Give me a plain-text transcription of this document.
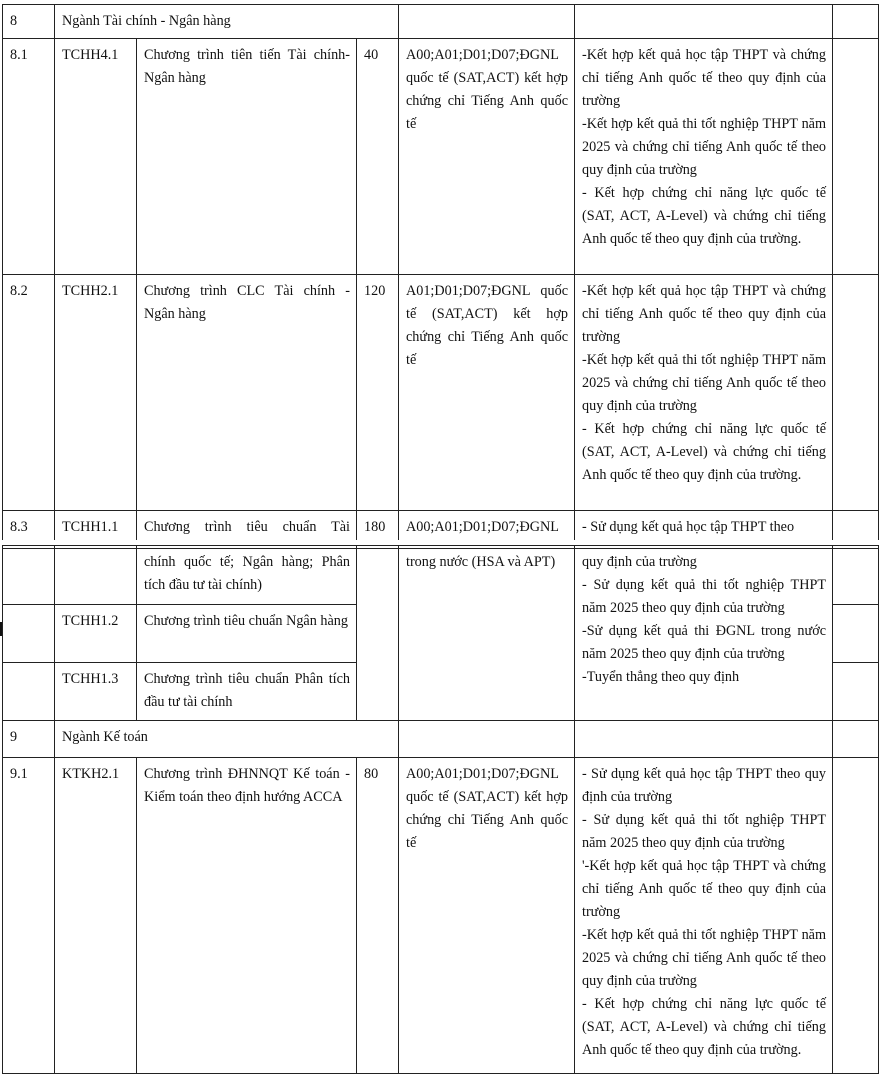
8	Ngành Tài chính - Ngân hàng					
8.1	TCHH4.1	Chương trình tiên tiến Tài chính-Ngân hàng	40	A00;A01;D01;D07;ĐGNL quốc tế (SAT,ACT) kết hợp chứng chỉ Tiếng Anh quốc tế	-Kết hợp kết quả học tập THPT và chứng chỉ tiếng Anh quốc tế theo quy định của trường

-Kết hợp kết quả thi tốt nghiệp THPT năm 2025 và chứng chỉ tiếng Anh quốc tế theo quy định của trường

- Kết hợp chứng chỉ năng lực quốc tế (SAT, ACT, A-Level) và chứng chỉ tiếng Anh quốc tế theo quy định của trường.	

8.2	TCHH2.1	Chương trình CLC Tài chính - Ngân hàng	120	A01;D01;D07;ĐGNL quốc tế (SAT,ACT) kết hợp chứng chỉ Tiếng Anh quốc tế	-Kết hợp kết quả học tập THPT và chứng chỉ tiếng Anh quốc tế theo quy định của trường

-Kết hợp kết quả thi tốt nghiệp THPT năm 2025 và chứng chỉ tiếng Anh quốc tế theo quy định của trường

- Kết hợp chứng chỉ năng lực quốc tế (SAT, ACT, A-Level) và chứng chỉ tiếng Anh quốc tế theo quy định của trường.	

8.3	TCHH1.1	Chương trình tiêu chuẩn Tài	180	A00;A01;D01;D07;ĐGNL	- Sử dụng kết quả học tập THPT theo	
		chính quốc tế; Ngân hàng; Phân tích đầu tư tài chính)		trong nước (HSA và APT)	quy định của trường

- Sử dụng kết quả thi tốt nghiệp THPT năm 2025 theo quy định của trường

-Sử dụng kết quả thi ĐGNL trong nước năm 2025 theo quy định của trường

-Tuyển thẳng theo quy định	

	TCHH1.2	Chương trình tiêu chuẩn Ngân hàng				
	TCHH1.3	Chương trình tiêu chuẩn Phân tích đầu tư tài chính				
9	Ngành Kế toán					
9.1	KTKH2.1	Chương trình ĐHNNQT Kế toán - Kiểm toán theo định hướng ACCA	80	A00;A01;D01;D07;ĐGNL quốc tế (SAT,ACT) kết hợp chứng chỉ Tiếng Anh quốc tế	- Sử dụng kết quả học tập THPT theo quy định của trường

- Sử dụng kết quả thi tốt nghiệp THPT năm 2025 theo quy định của trường

'-Kết hợp kết quả học tập THPT và chứng chỉ tiếng Anh quốc tế theo quy định của trường

-Kết hợp kết quả thi tốt nghiệp THPT năm 2025 và chứng chỉ tiếng Anh quốc tế theo quy định của trường

- Kết hợp chứng chỉ năng lực quốc tế (SAT, ACT, A-Level) và chứng chỉ tiếng Anh quốc tế theo quy định của trường.	
